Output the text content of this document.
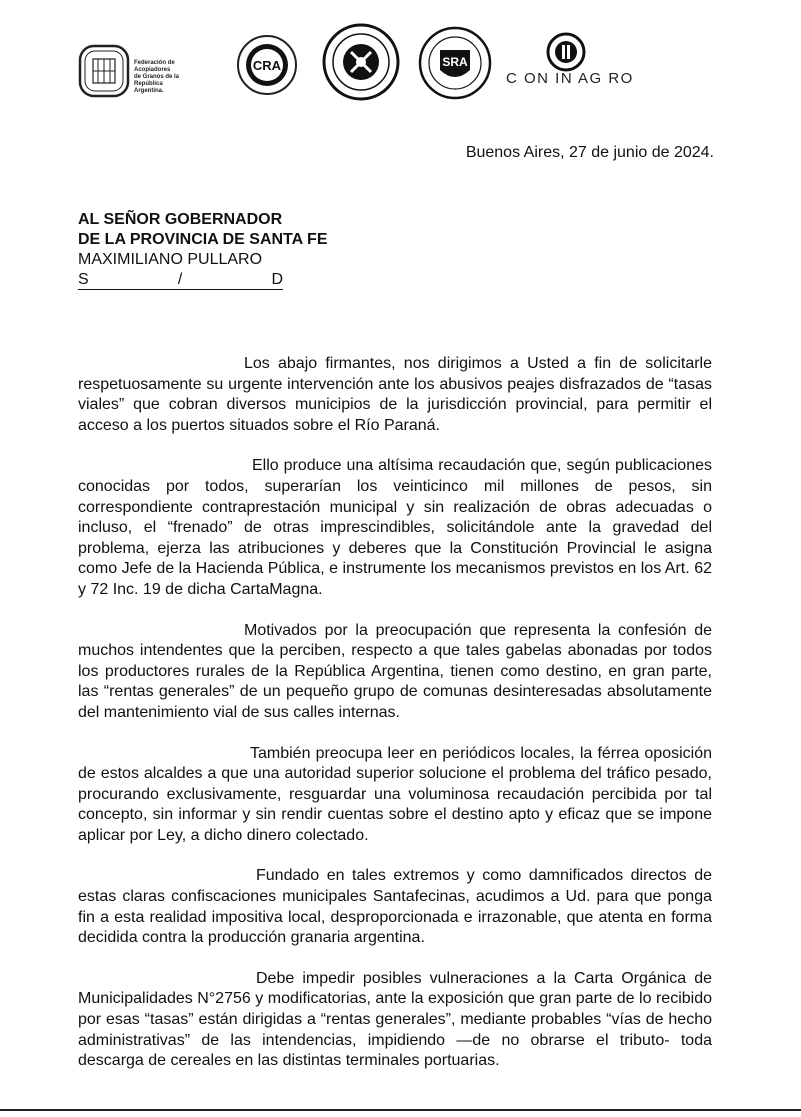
Federación de Acopiadores
de Granos de la República
Argentina.
CRA	SRA
C ON IN AG RO
Buenos Aires, 27 de junio de 2024.
AL SEÑOR GOBERNADOR
DE LA PROVINCIA DE SANTA FE
MAXIMILIANO PULLARO
S	/	D

Los abajo firmantes, nos dirigimos a Usted a fin de solicitarle respetuosamente su urgente intervención ante los abusivos peajes disfrazados de “tasas viales” que cobran diversos municipios de la jurisdicción provincial, para permitir el acceso a los puertos situados sobre el Río Paraná.

Ello produce una altísima recaudación que, según publicaciones conocidas por todos, superarían los veinticinco mil millones de pesos, sin correspondiente contraprestación municipal y sin realización de obras adecuadas o incluso, el “frenado” de otras imprescindibles, solicitándole ante la gravedad del problema, ejerza las atribuciones y deberes que la Constitución Provincial le asigna como Jefe de la Hacienda Pública, e instrumente los mecanismos previstos en los Art. 62 y 72 Inc. 19 de dicha CartaMagna.

Motivados por la preocupación que representa la confesión de muchos intendentes que la perciben, respecto a que tales gabelas abonadas por todos los productores rurales de la República Argentina, tienen como destino, en gran parte, las “rentas generales” de un pequeño grupo de comunas desinteresadas absolutamente del mantenimiento vial de sus calles internas.

También preocupa leer en periódicos locales, la férrea oposición de estos alcaldes a que una autoridad superior solucione el problema del tráfico pesado, procurando exclusivamente, resguardar una voluminosa recaudación percibida por tal concepto, sin informar y sin rendir cuentas sobre el destino apto y eficaz que se impone aplicar por Ley, a dicho dinero colectado.

Fundado en tales extremos y como damnificados directos de estas claras confiscaciones municipales Santafecinas, acudimos a Ud. para que ponga fin a esta realidad impositiva local, desproporcionada e irrazonable, que atenta en forma decidida contra la producción granaria argentina.

Debe impedir posibles vulneraciones a la Carta Orgánica de Municipalidades N°2756 y modificatorias, ante la exposición que gran parte de lo recibido por esas “tasas” están dirigidas a “rentas generales”, mediante probables “vías de hecho administrativas” de las intendencias, impidiendo —de no obrarse el tributo- toda descarga de cereales en las distintas terminales portuarias.
